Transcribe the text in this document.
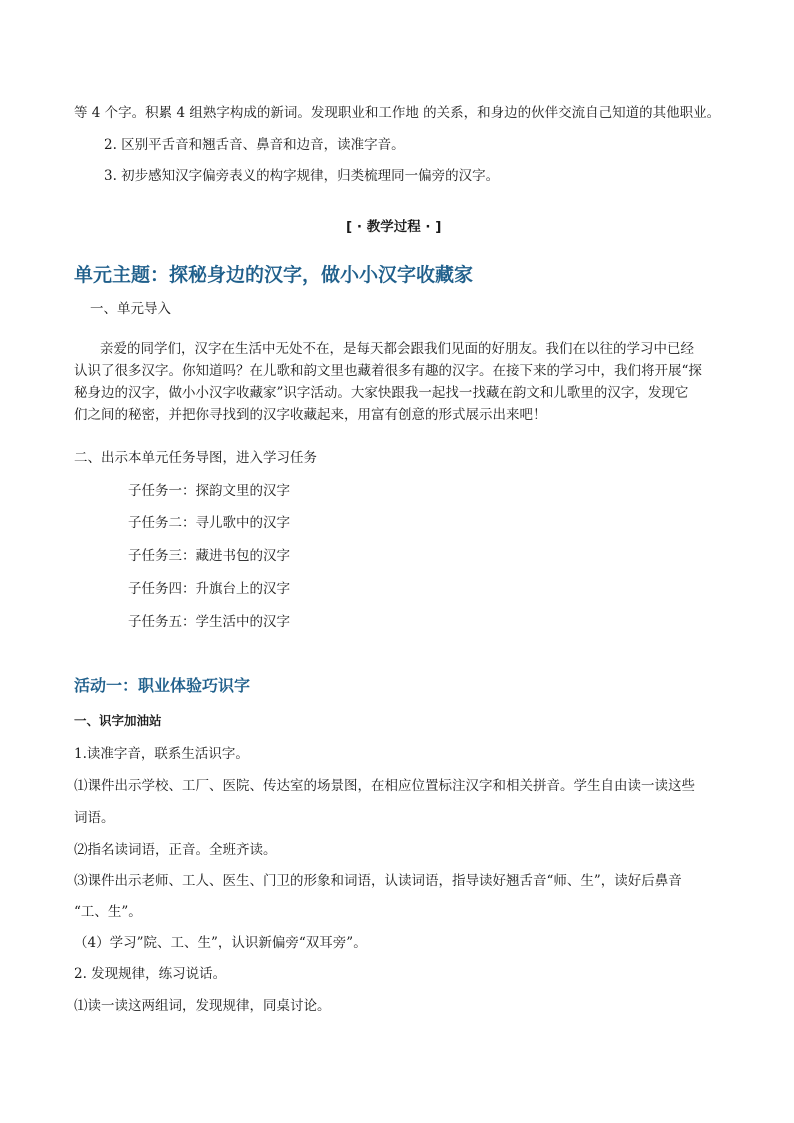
等 4 个字。积累 4 组熟字构成的新词。发现职业和工作地 的关系，和身边的伙伴交流自己知道的其他职业。
2. 区别平舌音和翘舌音、鼻音和边音，读准字音。
3. 初步感知汉字偏旁表义的构字规律，归类梳理同一偏旁的汉字。
[ · 教学过程 · ]
单元主题：探秘身边的汉字，做小小汉字收藏家
一、单元导入
亲爱的同学们，汉字在生活中无处不在，是每天都会跟我们见面的好朋友。我们在以往的学习中已经
认识了很多汉字。你知道吗？在儿歌和韵文里也藏着很多有趣的汉字。在接下来的学习中，我们将开展“探
秘身边的汉字，做小小汉字收藏家”识字活动。大家快跟我一起找一找藏在韵文和儿歌里的汉字，发现它
们之间的秘密，并把你寻找到的汉字收藏起来，用富有创意的形式展示出来吧！
二、出示本单元任务导图，进入学习任务
子任务一：探韵文里的汉字
子任务二：寻儿歌中的汉字
子任务三：藏进书包的汉字
子任务四：升旗台上的汉字
子任务五：学生活中的汉字
活动一：职业体验巧识字
一、识字加油站
1.读准字音，联系生活识字。
⑴课件出示学校、工厂、医院、传达室的场景图，在相应位置标注汉字和相关拼音。学生自由读一读这些
词语。
⑵指名读词语，正音。全班齐读。
⑶课件出示老师、工人、医生、门卫的形象和词语，认读词语，指导读好翘舌音“师、生”，读好后鼻音
“工、生”。
（4）学习”院、工、生”，认识新偏旁“双耳旁”。
2. 发现规律，练习说话。
⑴读一读这两组词，发现规律，同桌讨论。
